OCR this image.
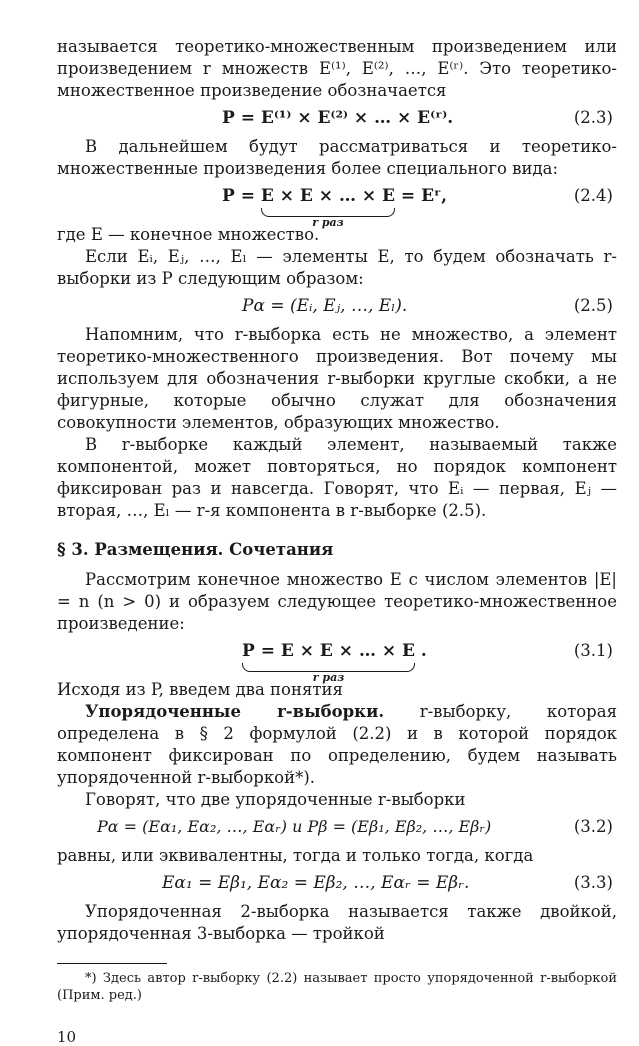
называется теоретико-множественным произведением или произведением r множеств E⁽¹⁾, E⁽²⁾, …, E⁽ʳ⁾. Это теоретико-множественное произведение обозначается

P = E⁽¹⁾ × E⁽²⁾ × … × E⁽ʳ⁾.	(2.3)

В дальнейшем будут рассматриваться и теоретико-множественные произведения более специального вида:

P = E × E × … × E
r раз
= Eʳ,	(2.4)

где E — конечное множество.

Если Eᵢ, Eⱼ, …, Eₗ — элементы E, то будем обозначать r-выборки из P следующим образом:

Pα = (Eᵢ, Eⱼ, …, Eₗ).	(2.5)

Напомним, что r-выборка есть не множество, а элемент теоретико-множественного произведения. Вот почему мы используем для обозначения r-выборки круглые скобки, а не фигурные, которые обычно служат для обозначения совокупности элементов, образующих множество.

В r-выборке каждый элемент, называемый также компонентой, может повторяться, но порядок компонент фиксирован раз и навсегда. Говорят, что Eᵢ — первая, Eⱼ — вторая, …, Eₗ — r-я компонента в r-выборке (2.5).

§ 3. Размещения. Сочетания

Рассмотрим конечное множество E с числом элементов |E| = n (n > 0) и образуем следующее теоретико-множественное произведение:

P = E × E × … × E
r раз
.	(3.1)

Исходя из P, введем два понятия

Упорядоченные r-выборки. r-выборку, которая определена в § 2 формулой (2.2) и в которой порядок компонент фиксирован по определению, будем называть упорядоченной r-выборкой*).

Говорят, что две упорядоченные r-выборки

Pα = (Eα₁, Eα₂, …, Eαᵣ) и Pβ = (Eβ₁, Eβ₂, …, Eβᵣ)	(3.2)

равны, или эквивалентны, тогда и только тогда, когда

Eα₁ = Eβ₁, Eα₂ = Eβ₂, …, Eαᵣ = Eβᵣ.	(3.3)

Упорядоченная 2-выборка называется также двойкой, упорядоченная 3-выборка — тройкой

*) Здесь автор r-выборку (2.2) называет просто упорядоченной r-выборкой (Прим. ред.)

10
